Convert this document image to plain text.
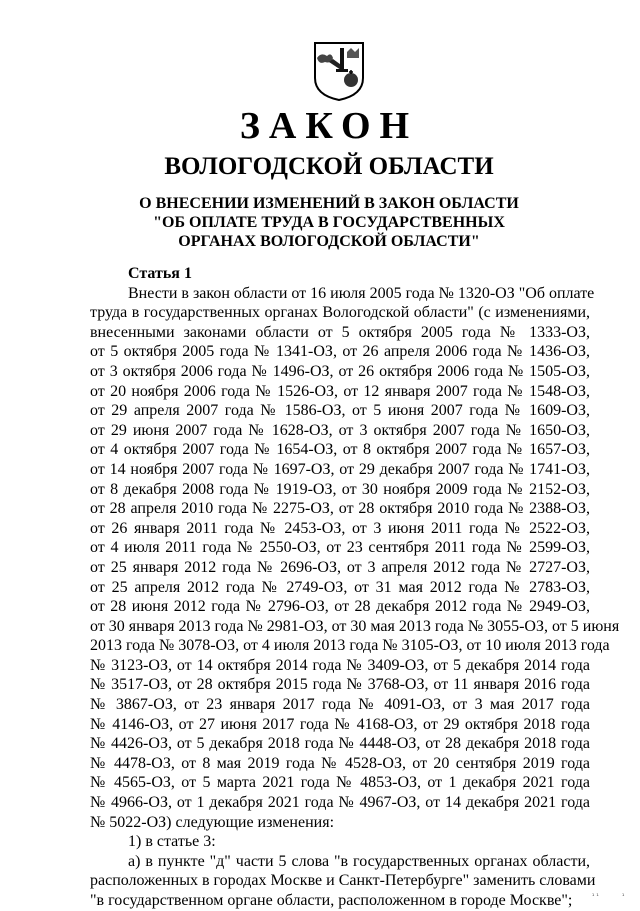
ЗАКОН
ВОЛОГОДСКОЙ ОБЛАСТИ
О ВНЕСЕНИИ ИЗМЕНЕНИЙ В ЗАКОН ОБЛАСТИ
"ОБ ОПЛАТЕ ТРУДА В ГОСУДАРСТВЕННЫХ
ОРГАНАХ ВОЛОГОДСКОЙ ОБЛАСТИ"
Статья 1
Внести в закон области от 16 июля 2005 года № 1320-ОЗ "Об оплате
труда в государственных органах Вологодской области" (с изменениями,
внесенными законами области от 5 октября 2005 года № 1333-ОЗ,
от 5 октября 2005 года № 1341-ОЗ, от 26 апреля 2006 года № 1436-ОЗ,
от 3 октября 2006 года № 1496-ОЗ, от 26 октября 2006 года № 1505-ОЗ,
от 20 ноября 2006 года № 1526-ОЗ, от 12 января 2007 года № 1548-ОЗ,
от 29 апреля 2007 года № 1586-ОЗ, от 5 июня 2007 года № 1609-ОЗ,
от 29 июня 2007 года № 1628-ОЗ, от 3 октября 2007 года № 1650-ОЗ,
от 4 октября 2007 года № 1654-ОЗ, от 8 октября 2007 года № 1657-ОЗ,
от 14 ноября 2007 года № 1697-ОЗ, от 29 декабря 2007 года № 1741-ОЗ,
от 8 декабря 2008 года № 1919-ОЗ, от 30 ноября 2009 года № 2152-ОЗ,
от 28 апреля 2010 года № 2275-ОЗ, от 28 октября 2010 года № 2388-ОЗ,
от 26 января 2011 года № 2453-ОЗ, от 3 июня 2011 года № 2522-ОЗ,
от 4 июля 2011 года № 2550-ОЗ, от 23 сентября 2011 года № 2599-ОЗ,
от 25 января 2012 года № 2696-ОЗ, от 3 апреля 2012 года № 2727-ОЗ,
от 25 апреля 2012 года № 2749-ОЗ, от 31 мая 2012 года № 2783-ОЗ,
от 28 июня 2012 года № 2796-ОЗ, от 28 декабря 2012 года № 2949-ОЗ,
от 30 января 2013 года № 2981-ОЗ, от 30 мая 2013 года № 3055-ОЗ, от 5 июня
2013 года № 3078-ОЗ, от 4 июля 2013 года № 3105-ОЗ, от 10 июля 2013 года
№ 3123-ОЗ, от 14 октября 2014 года № 3409-ОЗ, от 5 декабря 2014 года
№ 3517-ОЗ, от 28 октября 2015 года № 3768-ОЗ, от 11 января 2016 года
№ 3867-ОЗ, от 23 января 2017 года № 4091-ОЗ, от 3 мая 2017 года
№ 4146-ОЗ, от 27 июня 2017 года № 4168-ОЗ, от 29 октября 2018 года
№ 4426-ОЗ, от 5 декабря 2018 года № 4448-ОЗ, от 28 декабря 2018 года
№ 4478-ОЗ, от 8 мая 2019 года № 4528-ОЗ, от 20 сентября 2019 года
№ 4565-ОЗ, от 5 марта 2021 года № 4853-ОЗ, от 1 декабря 2021 года
№ 4966-ОЗ, от 1 декабря 2021 года № 4967-ОЗ, от 14 декабря 2021 года
№ 5022-ОЗ) следующие изменения:
1) в статье 3:
а) в пункте "д" части 5 слова "в государственных органах области,
расположенных в городах Москве и Санкт-Петербурге" заменить словами
"в государственном органе области, расположенном в городе Москве";	¹ ¹	¹
